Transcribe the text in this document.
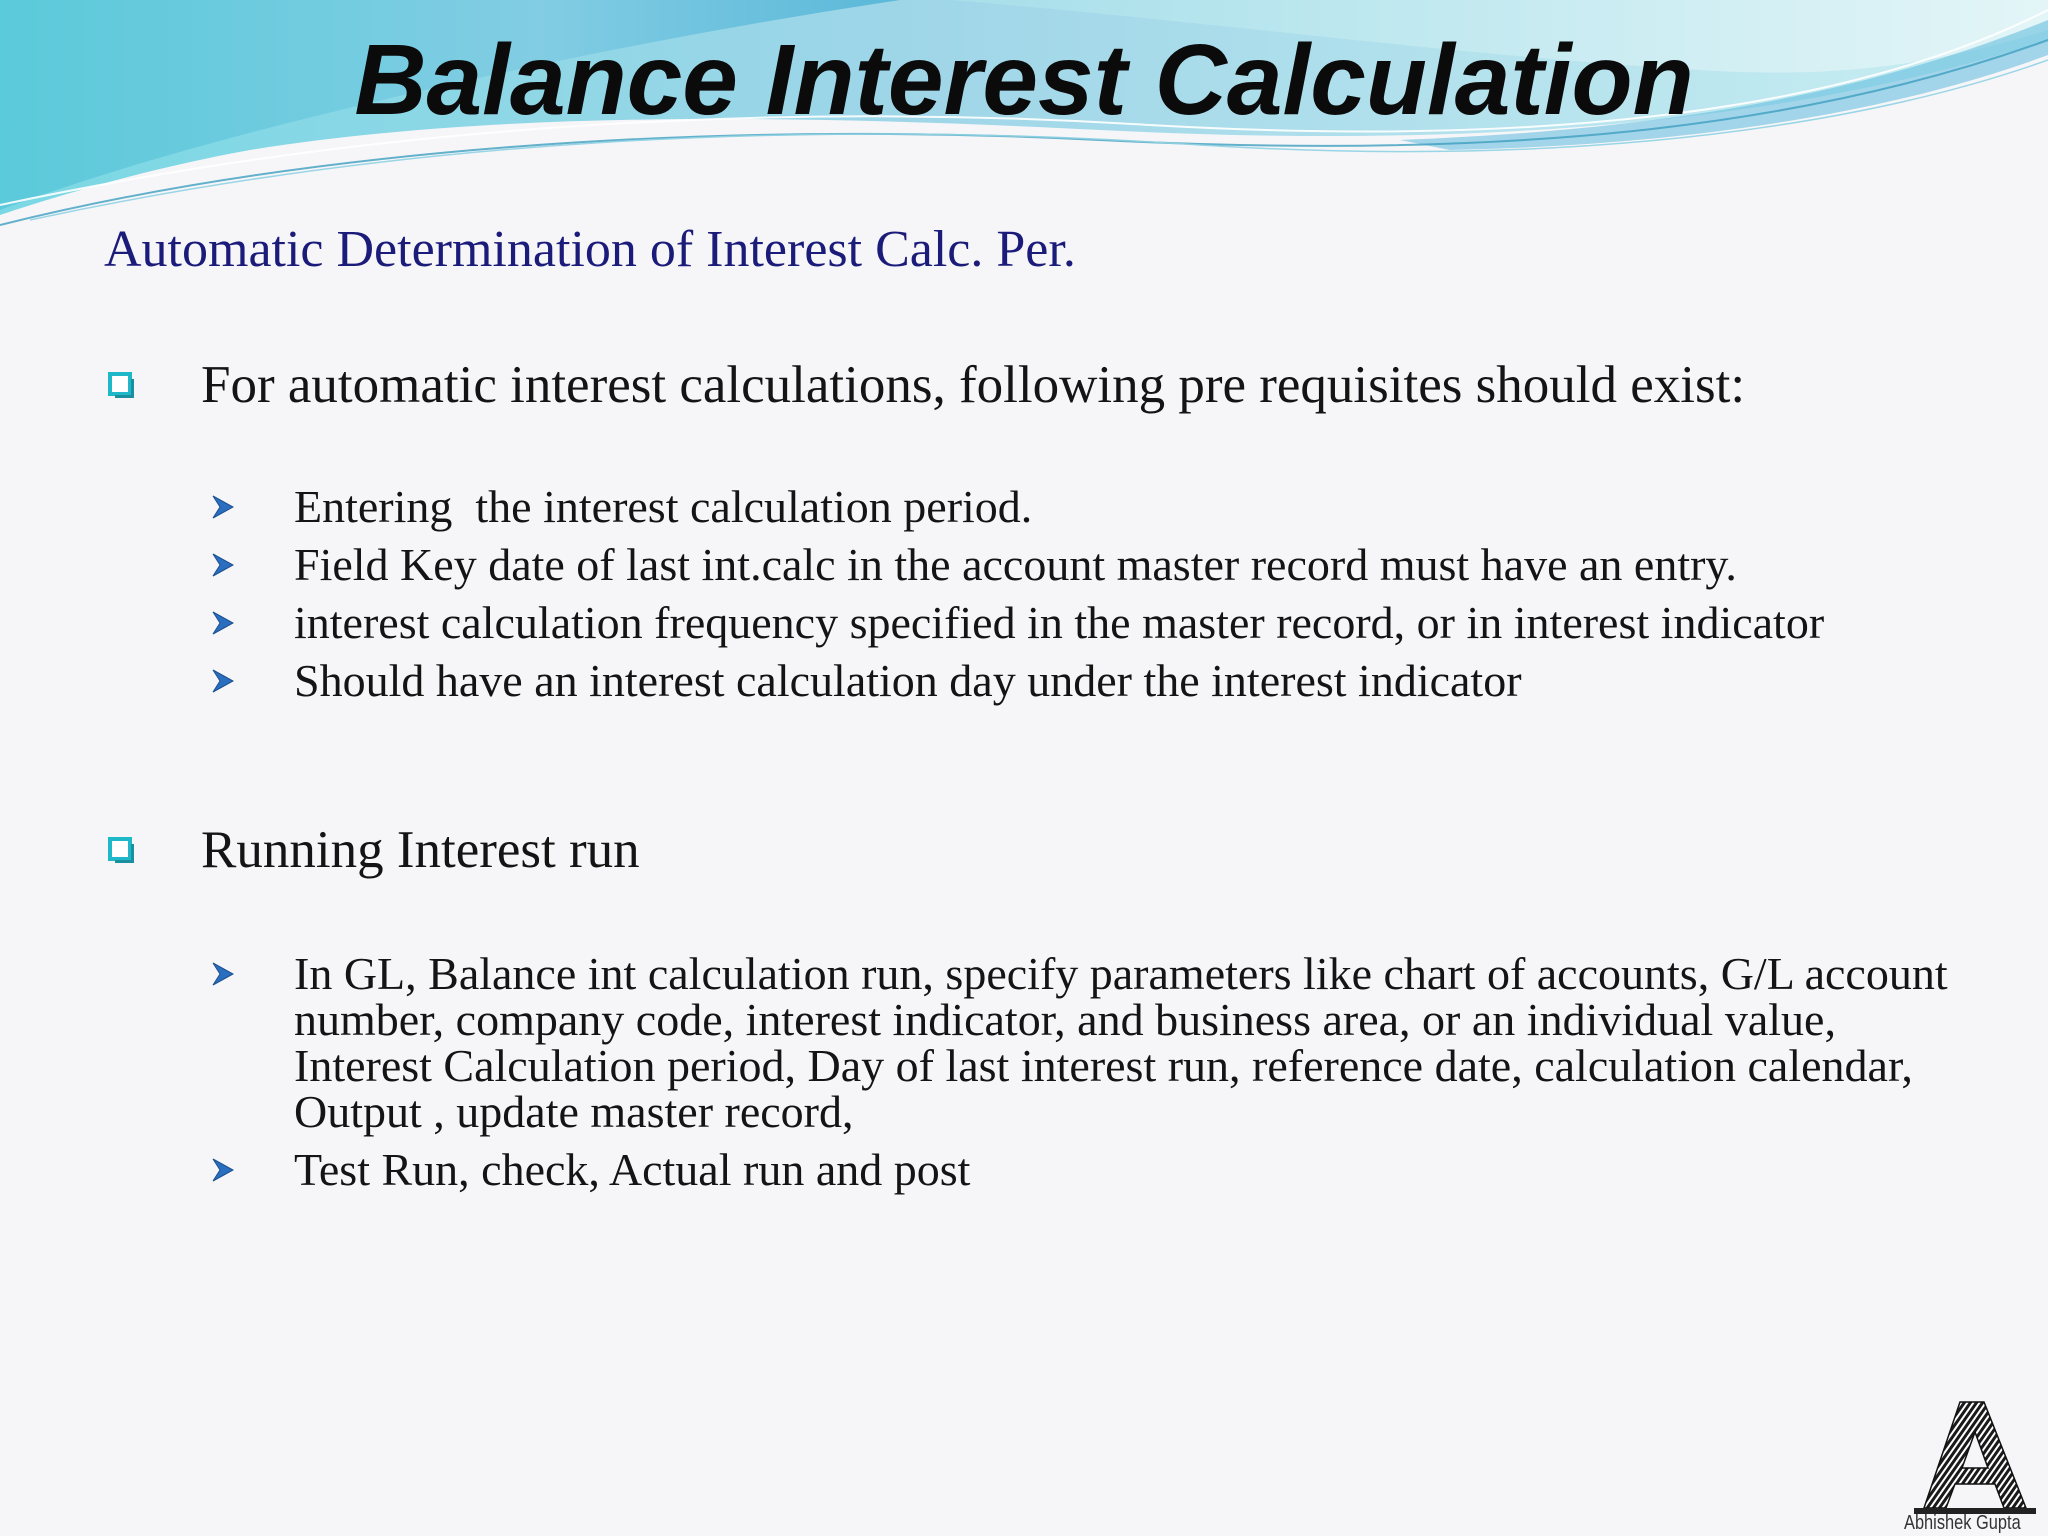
Balance Interest Calculation

Automatic Determination of Interest Calc. Per.

For automatic interest calculations, following pre requisites should exist:
Entering  the interest calculation period.
Field Key date of last int.calc in the account master record must have an entry.
interest calculation frequency specified in the master record, or in interest indicator
Should have an interest calculation day under the interest indicator
Running Interest run
In GL, Balance int calculation run, specify parameters like chart of accounts, G/L account number, company code, interest indicator, and business area, or an individual value, Interest Calculation period, Day of last interest run, reference date, calculation calendar, Output , update master record,
Test Run, check, Actual run and post
Abhishek Gupta
